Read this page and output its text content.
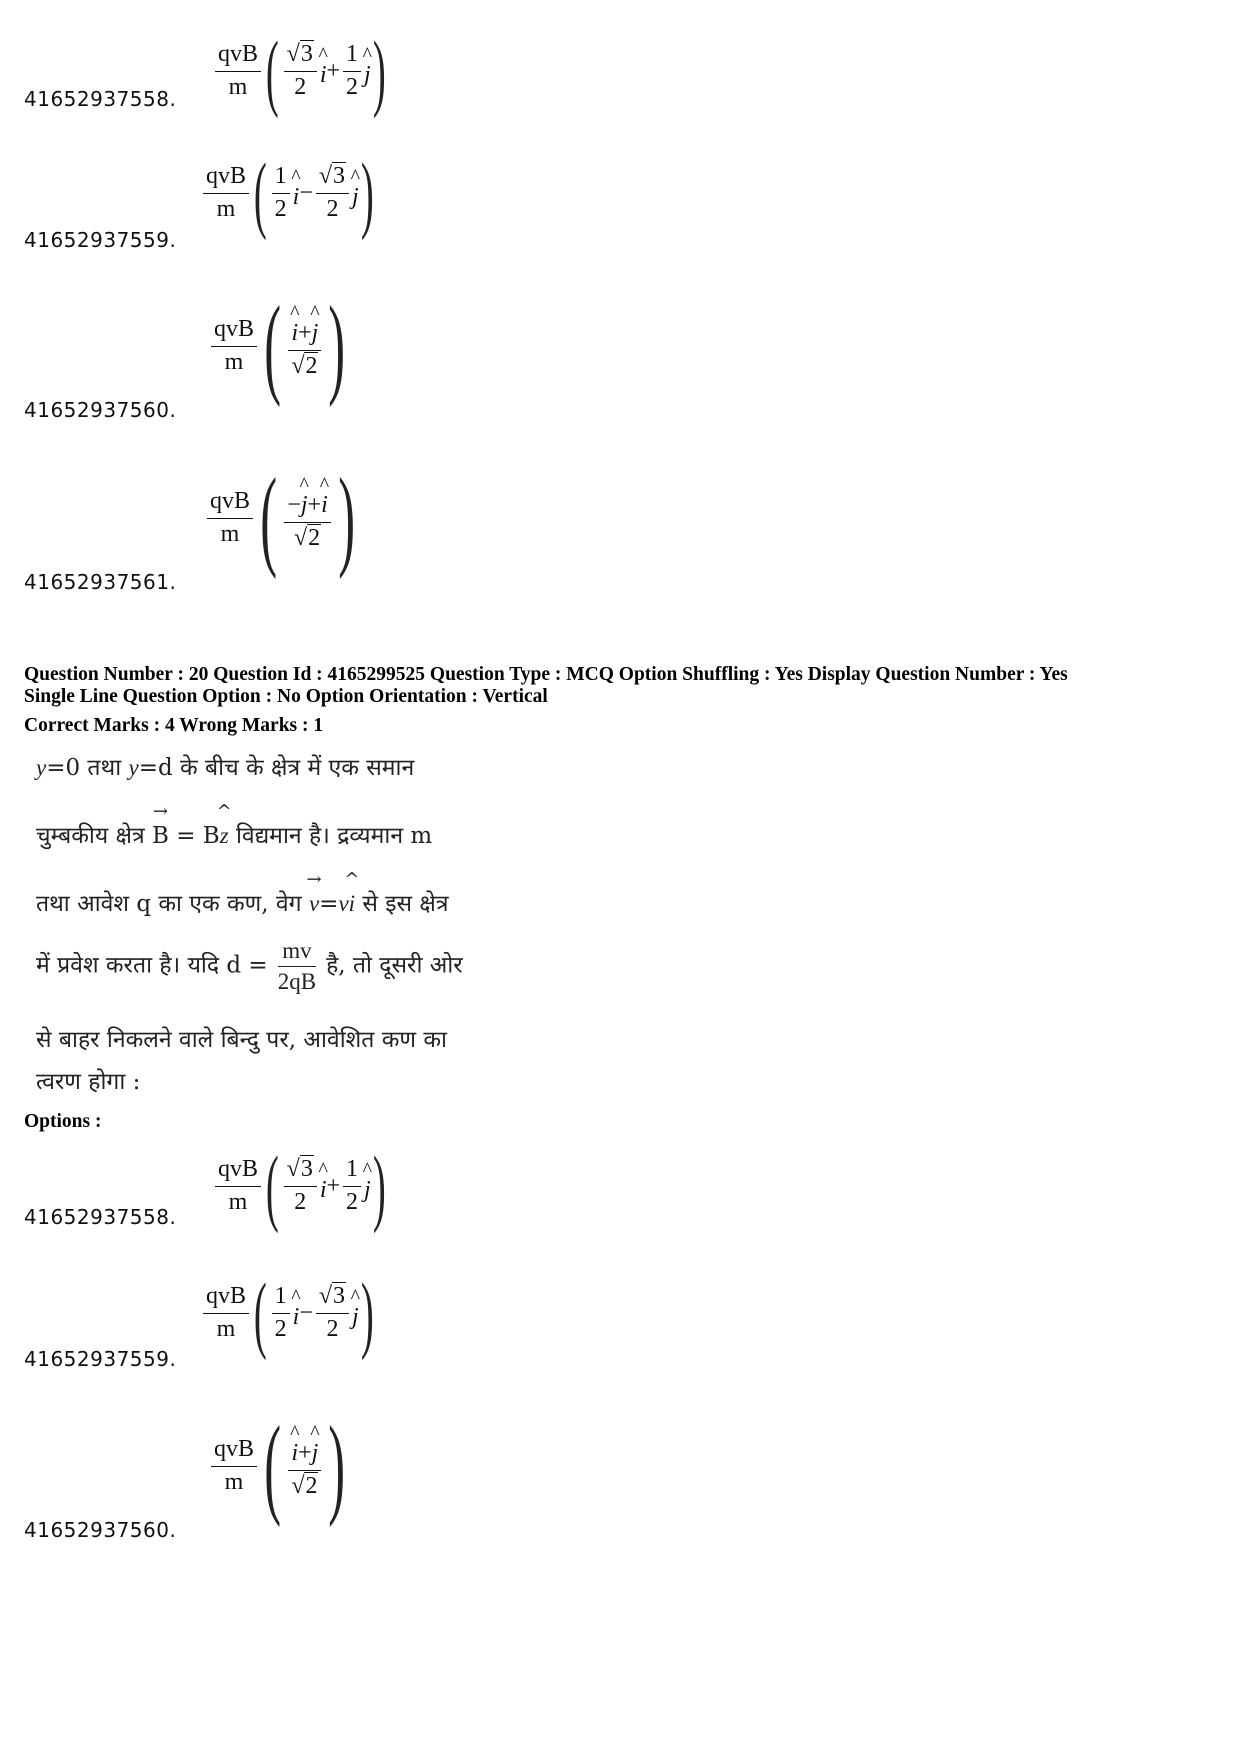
$\frac{\text{qvB}}{m}$ ( $\frac{√3}{2}$ ^
$i + \frac{1}{2}$ ^
j )
41652937558.
$\frac{\text{qvB}}{m}$ ( $\frac{1}{2}$ ^
$i - \frac{√3}{2}$ ^
j )
41652937559.
$\frac{\text{qvB}}{m}$ ( ^
i+
^
j
√2 )
41652937560.
$\frac{\text{qvB}}{m}$ ( −
^
j+
^
i
√2 )
41652937561.
Question Number : 20 Question Id : 4165299525 Question Type : MCQ Option Shuffling : Yes Display Question Number : Yes
Single Line Question Option : No Option Orientation : Vertical
Correct Marks : 4 Wrong Marks : 1
y=0 तथा y=d के बीच के क्षेत्र में एक समान
चुम्बकीय क्षेत्र
→
B = B
^
z विद्यमान है। द्रव्यमान m
तथा आवेश q का एक कण, वेग
→
v=v
^
i से इस क्षेत्र
में प्रवेश करता है। यदि $d = \frac{mv}{2qB}$ है, तो दूसरी ओर
से बाहर निकलने वाले बिन्दु पर, आवेशित कण का
त्वरण होगा :
Options :
$\frac{\text{qvB}}{m}$ ( $\frac{√3}{2}$ ^
$i + \frac{1}{2}$ ^
j )
41652937558.
$\frac{\text{qvB}}{m}$ ( $\frac{1}{2}$ ^
$i - \frac{√3}{2}$ ^
j )
41652937559.
$\frac{\text{qvB}}{m}$ ( ^
i+
^
j
√2 )
41652937560.
